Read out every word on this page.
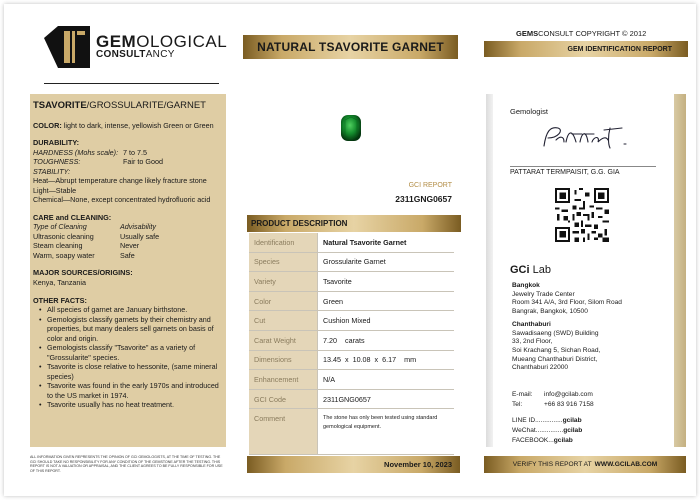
GEMOLOGICAL
CONSULTANCY
NATURAL TSAVORITE GARNET
GEMSCONSULT COPYRIGHT © 2012
GEM IDENTIFICATION REPORT
TSAVORITE/GROSSULARITE/GARNET
COLOR: light to dark, intense, yellowish Green or Green
DURABILITY:
HARDNESS (Mohs scale): 7 to 7.5
TOUGHNESS:	Fair to Good
STABILITY:
Heat—Abrupt temperature change likely fracture stone
Light—Stable
Chemical—None, except concentrated hydrofluoric acid
CARE and CLEANING:
Type of Cleaning	Advisability
Ultrasonic cleaning	Usually safe
Steam cleaning	Never
Warm, soapy water	Safe
MAJOR SOURCES/ORIGINS:
Kenya, Tanzania
OTHER FACTS:
• All species of garnet are January birthstone.
• Gemologists classify garnets by their chemistry and properties, but many dealers sell garnets on basis of color and origin.
• Gemologists classify "Tsavorite" as a variety of "Grossularite" species.
• Tsavorite is close relative to hessonite, (same mineral species)
• Tsavorite was found in the early 1970s and introduced to the US market in 1974.
• Tsavorite usually has no heat treatment.
ALL INFORMATION GIVEN REPRESENTS THE OPINION OF GCI GEMOLOGISTS, AT THE TIME OF TESTING. THE GCI SHOULD TAKE NO RESPONSIBILITY FOR ANY CONDITION OF THE GEMSTONE AFTER THE TESTING. THIS REPORT IS NOT A VALUATION OR APPRAISAL, AND THE CLIENT AGREES TO BE FULLY RESPONSIBLE FOR USE OF THIS REPORT.
GCI REPORT
2311GNG0657
PRODUCT DESCRIPTION
Identification	Natural Tsavorite Garnet
Species	Grossularite Garnet
Variety	Tsavorite
Color	Green
Cut	Cushion Mixed
Carat Weight	7.20    carats
Dimensions	13.45  x  10.08  x  6.17    mm
Enhancement	N/A
GCI Code	2311GNG0657
Comment	The stone has only been tested using standard gemological equipment.
November 10, 2023
Gemologist
PATTARAT TERMPAISIT, G.G. GIA
GCi Lab
Bangkok
Jewelry Trade Center
Room 341 A/A, 3rd Floor, Silom Road
Bangrak, Bangkok, 10500
Chanthaburi
Sawadisaeng (SWD) Building
33, 2nd Floor,
Soi Krachang 5, Sichan Road,
Mueang Chanthaburi District,
Chanthaburi 22000
E-mail: info@gcilab.com
Tel:	+66 83 916 7158
LINE ID...............gcilab
WeChat...............gcilab
FACEBOOK...gcilab
VERIFY THIS REPORT AT WWW.GCILAB.COM
